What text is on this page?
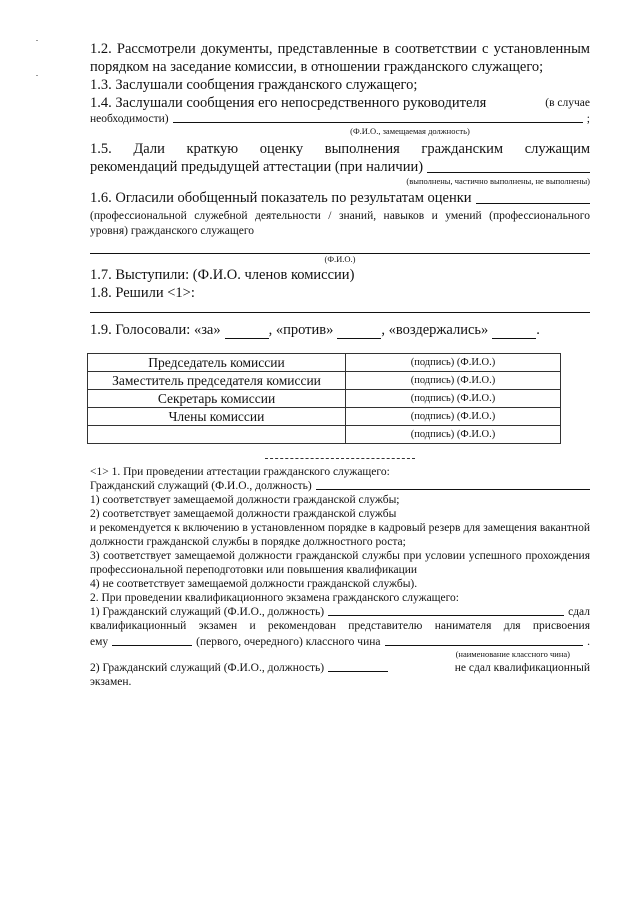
1.2. Рассмотрели документы, представленные в соответствии с установленным порядком на заседание комиссии, в отношении гражданского служащего;
1.3. Заслушали сообщения гражданского служащего;
1.4. Заслушали сообщения его непосредственного руководителя	(в случае
необходимости)	;
(Ф.И.О., замещаемая должность)
1.5. Дали краткую оценку выполнения гражданским служащим
рекомендаций предыдущей аттестации (при наличии)
(выполнены, частично выполнены, не выполнены)
1.6. Огласили обобщенный показатель по результатам оценки
(профессиональной служебной деятельности / знаний, навыков и умений (профессионального уровня) гражданского служащего
(Ф.И.О.)
1.7. Выступили: (Ф.И.О. членов комиссии)
1.8. Решили <1>:
1.9. Голосовали: «за»	, «против»	, «воздержались»	.
Председатель комиссии	(подпись) (Ф.И.О.)
Заместитель председателя комиссии	(подпись) (Ф.И.О.)
Секретарь комиссии	(подпись) (Ф.И.О.)
Члены комиссии	(подпись) (Ф.И.О.)
	(подпись) (Ф.И.О.)
<1> 1. При проведении аттестации гражданского служащего:
Гражданский служащий (Ф.И.О., должность)
1) соответствует замещаемой должности гражданской службы;
2) соответствует замещаемой должности гражданской службы
и рекомендуется к включению в установленном порядке в кадровый резерв для замещения вакантной должности гражданской службы в порядке должностного роста;
3) соответствует замещаемой должности гражданской службы при условии успешного прохождения профессиональной переподготовки или повышения квалификации
4) не соответствует замещаемой должности гражданской службы).
2. При проведении квалификационного экзамена гражданского служащего:
1) Гражданский служащий (Ф.И.О., должность)	сдал
квалификационный экзамен и рекомендован представителю нанимателя для присвоения
ему	(первого, очередного) классного чина	.
(наименование классного чина)
2) Гражданский служащий (Ф.И.О., должность)	не сдал квалификационный
экзамен.
